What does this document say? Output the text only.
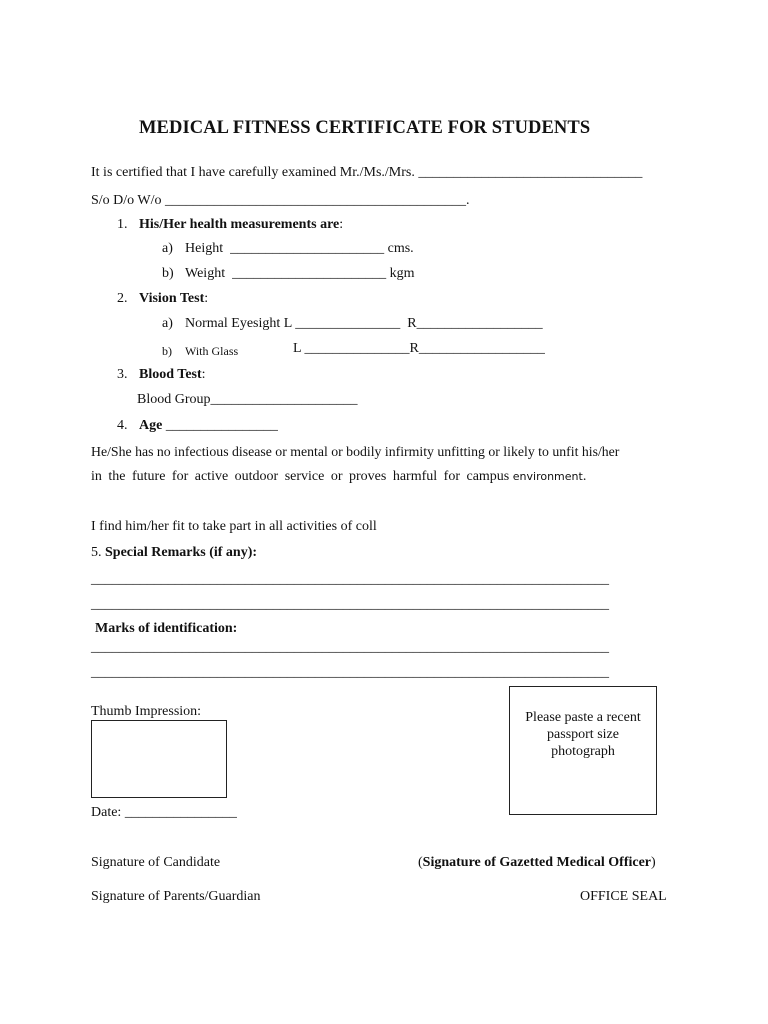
MEDICAL FITNESS CERTIFICATE FOR STUDENTS
It is certified that I have carefully examined Mr./Ms./Mrs. ________________________________
S/o D/o W/o ___________________________________________.
1. His/Her health measurements are:
a) Height  ______________________ cms.
b) Weight  ______________________ kgm
2. Vision Test:
a) Normal Eyesight L _______________  R__________________
b) With Glass	L _______________R__________________
3. Blood Test:
Blood Group_____________________
4. Age ________________
He/She has no infectious disease or mental or bodily infirmity unfitting or likely to unfit his/her
in the future for active outdoor service or proves harmful for campus environment.
I find him/her fit to take part in all activities of coll
5. Special Remarks (if any):
__________________________________________________________________________
__________________________________________________________________________
Marks of identification:
__________________________________________________________________________
__________________________________________________________________________
Thumb Impression:	Please paste a recent
passport size
photograph
Date: ________________
Signature of Candidate	(Signature of Gazetted Medical Officer)
Signature of Parents/Guardian	OFFICE SEAL
